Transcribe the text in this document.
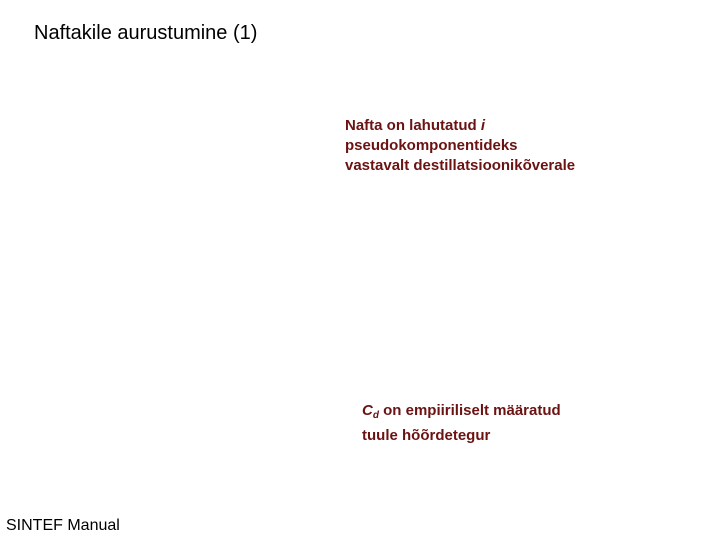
Naftakile aurustumine (1)
Nafta on lahutatud i
pseudokomponentideks
vastavalt destillatsioonikõverale
$C_d$ on empiiriliselt määratud
tuule hõõrdetegur
SINTEF Manual
